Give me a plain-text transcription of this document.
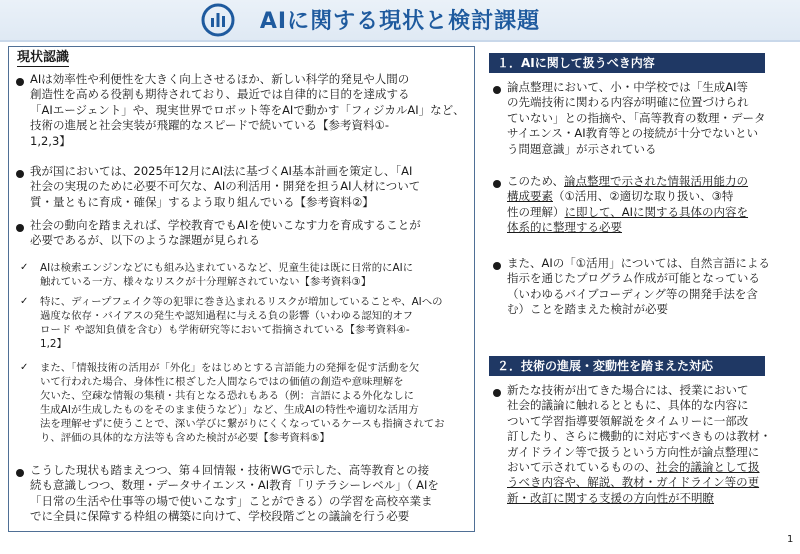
AIに関する現状と検討課題
現状認識
AIは効率性や利便性を大きく向上させるほか、新しい科学的発見や人間の
創造性を高める役割も期待されており、最近では自律的に目的を達成する
「AIエージェント」や、現実世界でロボット等をAIで動かす「フィジカルAI」など、
技術の進展と社会実装が飛躍的なスピードで続いている【参考資料①-
1,2,3】
我が国においては、2025年12月にAI法に基づくAI基本計画を策定し、「AI
社会の実現のために必要不可欠な、AIの利活用・開発を担うAI人材について
質・量ともに育成・確保」するよう取り組んでいる【参考資料②】
社会の動向を踏まえれば、学校教育でもAIを使いこなす力を育成することが
必要であるが、以下のような課題が見られる
✓ AIは検索エンジンなどにも組み込まれているなど、児童生徒は既に日常的にAIに
触れている一方、様々なリスクが十分理解されていない【参考資料③】
✓ 特に、ディープフェイク等の犯罪に巻き込まれるリスクが増加していることや、AIへの
過度な依存・バイアスの発生や認知過程に与える負の影響（いわゆる認知的オフ
ロード や認知負債を含む）も学術研究等において指摘されている【参考資料④-
1,2】
✓ また、「情報技術の活用が「外化」をはじめとする言語能力の発揮を促す活動を欠
いて行われた場合、身体性に根ざした人間ならではの価値の創造や意味理解を
欠いた、空疎な情報の集積・共有となる恐れもある（例：言語による外化なしに
生成AIが生成したものをそのまま使うなど）」など、生成AIの特性や適切な活用方
法を理解せずに使うことで、深い学びに繋がりにくくなっているケースも指摘されてお
り、評価の具体的な方法等も含めた検討が必要【参考資料⑤】
こうした現状も踏まえつつ、第４回情報・技術WGで示した、高等教育との接
続も意識しつつ、数理・データサイエンス・AI教育「リテラシーレベル」（ AIを
「日常の生活や仕事等の場で使いこなす」ことができる）の学習を高校卒業ま
でに全員に保障する枠組の構築に向けて、学校段階ごとの議論を行う必要
１．AIに関して扱うべき内容
論点整理において、小・中学校では「生成AI等
の先端技術に関わる内容が明確に位置づけられ
ていない」との指摘や、「高等教育の数理・データ
サイエンス・AI教育等との接続が十分でないとい
う問題意識」が示されている
このため、論点整理で示された情報活用能力の
構成要素（①活用、②適切な取り扱い、③特
性の理解）に即して、AIに関する具体の内容を
体系的に整理する必要
また、AIの「①活用」については、自然言語による
指示を通じたプログラム作成が可能となっている
（いわゆるバイブコーディング等の開発手法を含
む）ことを踏まえた検討が必要
２．技術の進展・変動性を踏まえた対応
新たな技術が出てきた場合には、授業において
社会的議論に触れるとともに、具体的な内容に
ついて学習指導要領解説をタイムリーに一部改
訂したり、さらに機動的に対応すべきものは教材・
ガイドライン等で扱うという方向性が論点整理に
おいて示されているものの、社会的議論として扱
うべき内容や、解説、教材・ガイドライン等の更
新・改訂に関する支援の方向性が不明瞭
1
